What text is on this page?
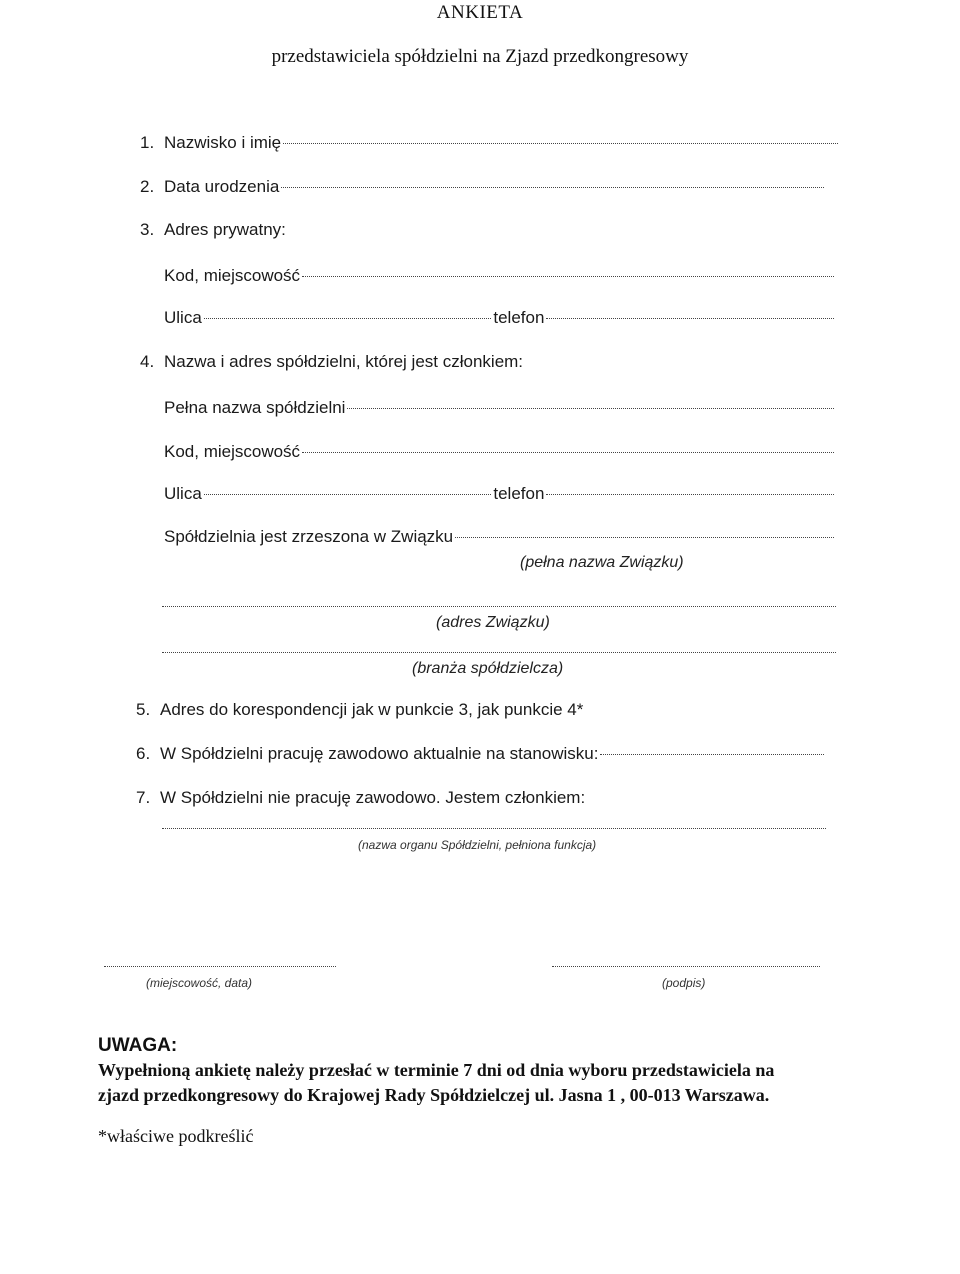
ANKIETA
przedstawiciela spółdzielni na Zjazd przedkongresowy
1. Nazwisko i imię
2. Data urodzenia
3. Adres prywatny:
Kod, miejscowość
Ulica	telefon
4. Nazwa i adres spółdzielni, której jest członkiem:
Pełna nazwa spółdzielni
Kod, miejscowość
Ulica	telefon
Spółdzielnia jest zrzeszona w Związku
(pełna nazwa Związku)
(adres Związku)
(branża spółdzielcza)
5. Adres do korespondencji jak w punkcie 3, jak punkcie 4*
6. W Spółdzielni pracuję zawodowo aktualnie na stanowisku:
7. W Spółdzielni nie pracuję zawodowo. Jestem członkiem:
(nazwa organu Spółdzielni, pełniona funkcja)
(miejscowość, data)	(podpis)
UWAGA:
Wypełnioną ankietę należy przesłać w terminie 7 dni od dnia wyboru przedstawiciela na
zjazd przedkongresowy do Krajowej Rady Spółdzielczej ul. Jasna 1 , 00-013 Warszawa.
*właściwe podkreślić
